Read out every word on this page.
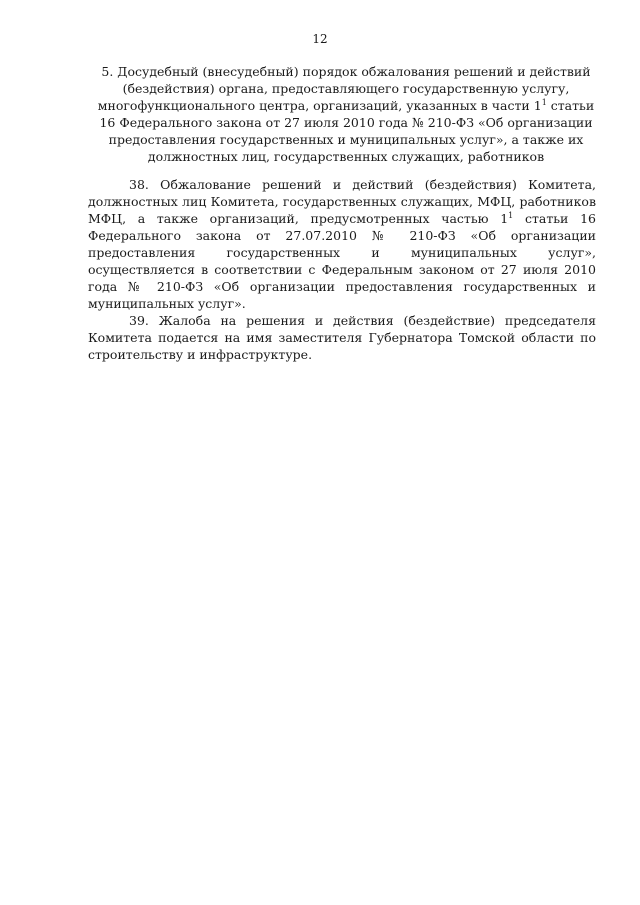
12
5. Досудебный (внесудебный) порядок обжалования решений и действий (бездействия) органа, предоставляющего государственную услугу, многофункционального центра, организаций, указанных в части $1^1$ статьи 16 Федерального закона от 27 июля 2010 года № 210-ФЗ «Об организации предоставления государственных и муниципальных услуг», а также их должностных лиц, государственных служащих, работников

38. Обжалование решений и действий (бездействия) Комитета, должностных лиц Комитета, государственных служащих, МФЦ, работников МФЦ, а также организаций, предусмотренных частью $1^1$ статьи 16 Федерального закона от 27.07.2010 № 210-ФЗ «Об организации предоставления государственных и муниципальных услуг», осуществляется в соответствии с Федеральным законом от 27 июля 2010 года № 210-ФЗ «Об организации предоставления государственных и муниципальных услуг».

39. Жалоба на решения и действия (бездействие) председателя Комитета подается на имя заместителя Губернатора Томской области по строительству и инфраструктуре.
